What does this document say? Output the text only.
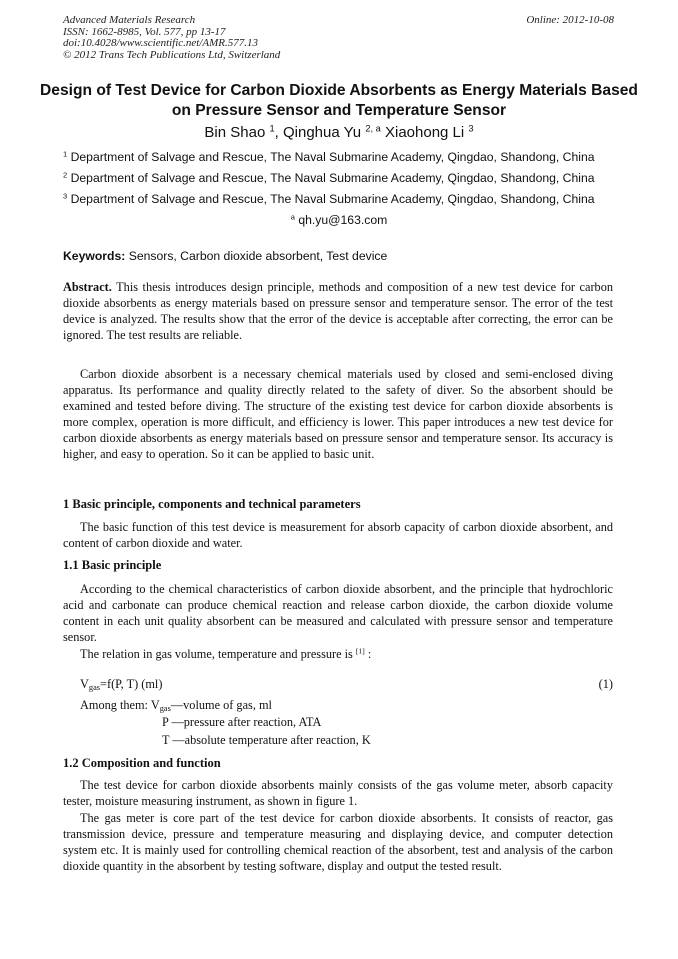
Advanced Materials Research
ISSN: 1662-8985, Vol. 577, pp 13-17
doi:10.4028/www.scientific.net/AMR.577.13
© 2012 Trans Tech Publications Ltd, Switzerland
Online: 2012-10-08
Design of Test Device for Carbon Dioxide Absorbents as Energy Materials Based on Pressure Sensor and Temperature Sensor
Bin Shao $^1$, Qinghua Yu $^{2, a}$ Xiaohong Li $^3$
$^1$ Department of Salvage and Rescue, The Naval Submarine Academy, Qingdao, Shandong, China
$^2$ Department of Salvage and Rescue, The Naval Submarine Academy, Qingdao, Shandong, China
$^3$ Department of Salvage and Rescue, The Naval Submarine Academy, Qingdao, Shandong, China
$^a$ qh.yu@163.com
Keywords: Sensors, Carbon dioxide absorbent, Test device
Abstract. This thesis introduces design principle, methods and composition of a new test device for carbon dioxide absorbents as energy materials based on pressure sensor and temperature sensor. The error of the test device is analyzed. The results show that the error of the device is acceptable after correcting, the error can be ignored. The test results are reliable.
Carbon dioxide absorbent is a necessary chemical materials used by closed and semi-enclosed diving apparatus. Its performance and quality directly related to the safety of diver. So the absorbent should be examined and tested before diving. The structure of the existing test device for carbon dioxide absorbents is more complex, operation is more difficult, and efficiency is lower. This paper introduces a new test device for carbon dioxide absorbents as energy materials based on pressure sensor and temperature sensor. Its accuracy is higher, and easy to operation. So it can be applied to basic unit.
1 Basic principle, components and technical parameters
The basic function of this test device is measurement for absorb capacity of carbon dioxide absorbent, and content of carbon dioxide and water.
1.1 Basic principle
According to the chemical characteristics of carbon dioxide absorbent, and the principle that hydrochloric acid and carbonate can produce chemical reaction and release carbon dioxide, the carbon dioxide volume content in each unit quality absorbent can be measured and calculated with pressure sensor and temperature sensor.
The relation in gas volume, temperature and pressure is [1] :
$V_{gas}=f(P$, T) (ml)	(1)
Among them: $V_{gas}—volume$ of gas, ml
P —pressure after reaction, ATA
T —absolute temperature after reaction, K
1.2 Composition and function
The test device for carbon dioxide absorbents mainly consists of the gas volume meter, absorb capacity tester, moisture measuring instrument, as shown in figure 1.
The gas meter is core part of the test device for carbon dioxide absorbents. It consists of reactor, gas transmission device, pressure and temperature measuring and displaying device, and computer detection system etc. It is mainly used for controlling chemical reaction of the absorbent, test and analysis of the carbon dioxide quantity in the absorbent by testing software, display and output the tested result.
